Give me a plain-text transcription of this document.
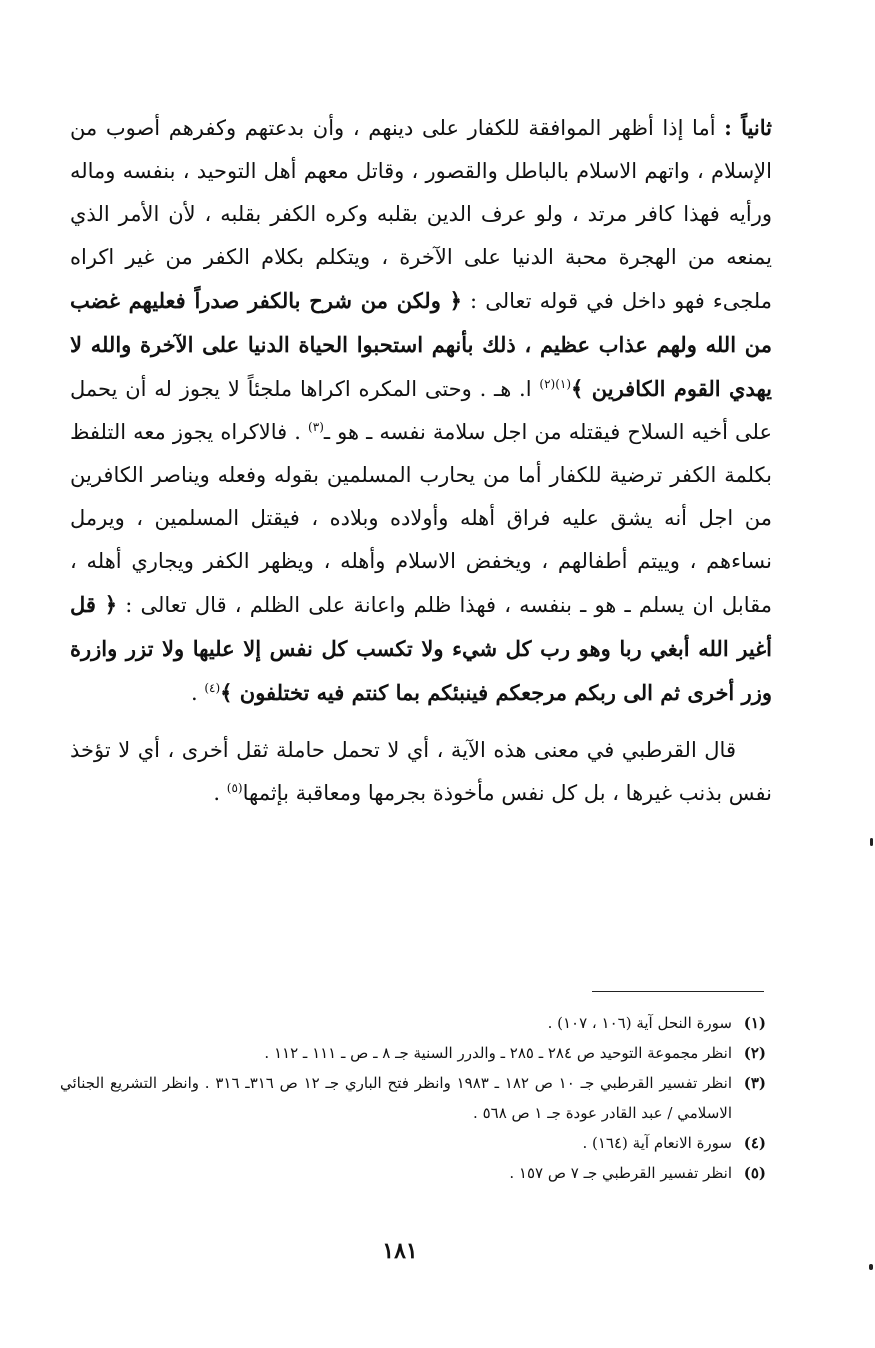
ثانياً : أما إذا أظهر الموافقة للكفار على دينهم ، وأن بدعتهم وكفرهم أصوب من الإسلام ، واتهم الاسلام بالباطل والقصور ، وقاتل معهم أهل التوحيد ، بنفسه وماله ورأيه فهذا كافر مرتد ، ولو عرف الدين بقلبه وكره الكفر بقلبه ، لأن الأمر الذي يمنعه من الهجرة محبة الدنيا على الآخرة ، ويتكلم بكلام الكفر من غير اكراه ملجىء فهو داخل في قوله تعالى : ﴿ ولكن من شرح بالكفر صدراً فعليهم غضب من الله ولهم عذاب عظيم ، ذلك بأنهم استحبوا الحياة الدنيا على الآخرة والله لا يهدي القوم الكافرين ﴾$^{(١)(٢)}$ ا. هـ . وحتى المكره اكراها ملجئاً لا يجوز له أن يحمل على أخيه السلاح فيقتله من اجل سلامة نفسه ـ هو ـ$^{(٣)}$ . فالاكراه يجوز معه التلفظ بكلمة الكفر ترضية للكفار أما من يحارب المسلمين بقوله وفعله ويناصر الكافرين من اجل أنه يشق عليه فراق أهله وأولاده وبلاده ، فيقتل المسلمين ، ويرمل نساءهم ، وييتم أطفالهم ، ويخفض الاسلام وأهله ، ويظهر الكفر ويجاري أهله ، مقابل ان يسلم ـ هو ـ بنفسه ، فهذا ظلم واعانة على الظلم ، قال تعالى : ﴿ قل أغير الله أبغي ربا وهو رب كل شيء ولا تكسب كل نفس إلا عليها ولا تزر وازرة وزر أخرى ثم الى ربكم مرجعكم فينبئكم بما كنتم فيه تختلفون ﴾$^{(٤)}$ .

قال القرطبي في معنى هذه الآية ، أي لا تحمل حاملة ثقل أخرى ، أي لا تؤخذ نفس بذنب غيرها ، بل كل نفس مأخوذة بجرمها ومعاقبة بإثمها$^{(٥)}$ .

(١)
سورة النحل آية (١٠٦ ، ١٠٧) .
(٢)
انظر مجموعة التوحيد ص ٢٨٤ ـ ٢٨٥ ـ والدرر السنية جـ ٨ ـ ص ـ ١١١ ـ ١١٢ .
(٣)
انظر تفسير القرطبي جـ ١٠ ص ١٨٢ ـ ١٩٨٣ وانظر فتح الباري جـ ١٢ ص ٣١٦ـ ٣١٦ . وانظر التشريع الجنائي الاسلامي / عبد القادر عودة جـ ١ ص ٥٦٨ .
(٤)
سورة الانعام آية (١٦٤) .
(٥)
انظر تفسير القرطبي جـ ٧ ص ١٥٧ .
١٨١
